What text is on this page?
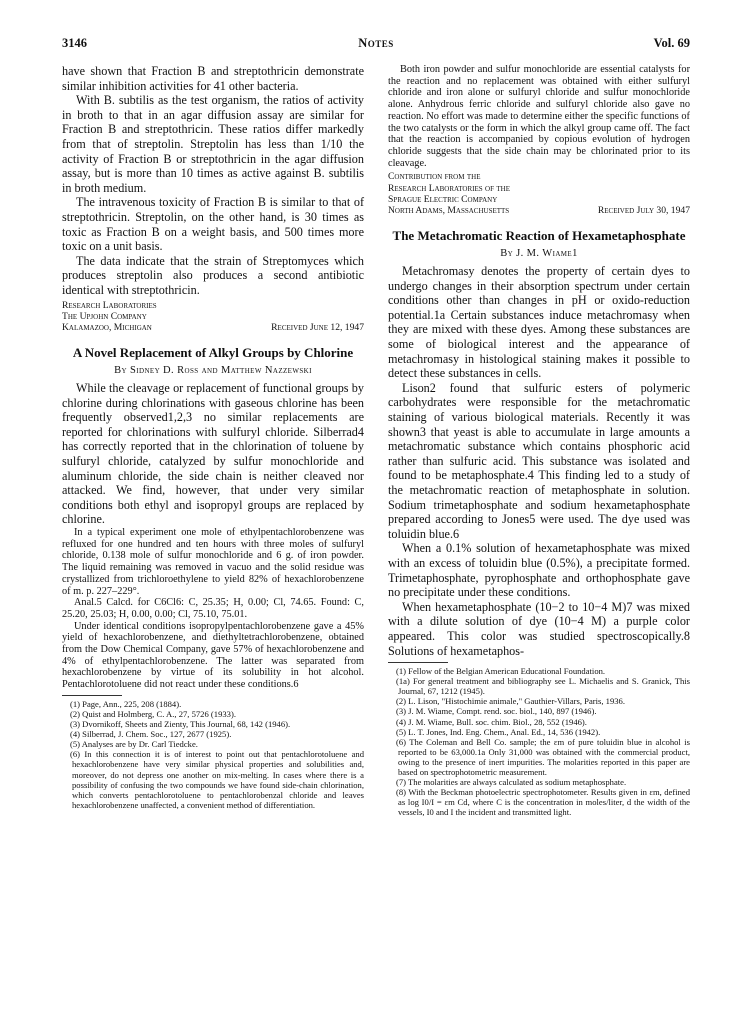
3146	Notes	Vol. 69

have shown that Fraction B and streptothricin demonstrate similar inhibition activities for 41 other bacteria.

With B. subtilis as the test organism, the ratios of activity in broth to that in an agar diffusion assay are similar for Fraction B and streptothricin. These ratios differ markedly from that of streptolin. Streptolin has less than 1/10 the activity of Fraction B or streptothricin in the agar diffusion assay, but is more than 10 times as active against B. subtilis in broth medium.

The intravenous toxicity of Fraction B is similar to that of streptothricin. Streptolin, on the other hand, is 30 times as toxic as Fraction B on a weight basis, and 500 times more toxic on a unit basis.

The data indicate that the strain of Streptomyces which produces streptolin also produces a second antibiotic identical with streptothricin.

Research Laboratories
The Upjohn Company
Kalamazoo, Michigan	Received June 12, 1947
A Novel Replacement of Alkyl Groups by Chlorine
By Sidney D. Ross and Matthew Nazzewski

While the cleavage or replacement of functional groups by chlorine during chlorinations with gaseous chlorine has been frequently observed1,2,3 no similar replacements are reported for chlorinations with sulfuryl chloride. Silberrad4 has correctly reported that in the chlorination of toluene by sulfuryl chloride, catalyzed by sulfur monochloride and aluminum chloride, the side chain is neither cleaved nor attacked. We find, however, that under very similar conditions both ethyl and isopropyl groups are replaced by chlorine.

In a typical experiment one mole of ethylpentachlorobenzene was refluxed for one hundred and ten hours with three moles of sulfuryl chloride, 0.138 mole of sulfur monochloride and 6 g. of iron powder. The liquid remaining was removed in vacuo and the solid residue was crystallized from trichloroethylene to yield 82% of hexachlorobenzene of m. p. 227–229°.

Anal.5 Calcd. for C6Cl6: C, 25.35; H, 0.00; Cl, 74.65. Found: C, 25.20, 25.03; H, 0.00, 0.00; Cl, 75.10, 75.01.

Under identical conditions isopropylpentachlorobenzene gave a 45% yield of hexachlorobenzene, and diethyltetrachlorobenzene, obtained from the Dow Chemical Company, gave 57% of hexachlorobenzene and 4% of ethylpentachlorobenzene. The latter was separated from hexachlorobenzene by virtue of its solubility in hot alcohol. Pentachlorotoluene did not react under these conditions.6

(1) Page, Ann., 225, 208 (1884).

(2) Quist and Holmberg, C. A., 27, 5726 (1933).

(3) Dvornikoff, Sheets and Zienty, This Journal, 68, 142 (1946).

(4) Silberrad, J. Chem. Soc., 127, 2677 (1925).

(5) Analyses are by Dr. Carl Tiedcke.

(6) In this connection it is of interest to point out that pentachlorotoluene and hexachlorobenzene have very similar physical properties and solubilities and, moreover, do not depress one another on mix-melting. In cases where there is a possibility of confusing the two compounds we have found side-chain chlorination, which converts pentachlorotoluene to pentachlorobenzal chloride and leaves hexachlorobenzene unaffected, a convenient method of differentiation.

Both iron powder and sulfur monochloride are essential catalysts for the reaction and no replacement was obtained with either sulfuryl chloride and iron alone or sulfuryl chloride and sulfur monochloride alone. Anhydrous ferric chloride and sulfuryl chloride also gave no reaction. No effort was made to determine either the specific functions of the two catalysts or the form in which the alkyl group came off. The fact that the reaction is accompanied by copious evolution of hydrogen chloride suggests that the side chain may be chlorinated prior to its cleavage.

Contribution from the
Research Laboratories of the
Sprague Electric Company
North Adams, Massachusetts	Received July 30, 1947
The Metachromatic Reaction of Hexametaphosphate
By J. M. Wiame1

Metachromasy denotes the property of certain dyes to undergo changes in their absorption spectrum under certain conditions other than changes in pH or oxido-reduction potential.1a Certain substances induce metachromasy when they are mixed with these dyes. Among these substances are some of biological interest and the appearance of metachromasy in histological staining makes it possible to detect these substances in cells.

Lison2 found that sulfuric esters of polymeric carbohydrates were responsible for the metachromatic staining of various biological materials. Recently it was shown3 that yeast is able to accumulate in large amounts a metachromatic substance which contains phosphoric acid rather than sulfuric acid. This substance was isolated and found to be metaphosphate.4 This finding led to a study of the metachromatic reaction of metaphosphate in solution. Sodium trimetaphosphate and sodium hexametaphosphate prepared according to Jones5 were used. The dye used was toluidin blue.6

When a 0.1% solution of hexametaphosphate was mixed with an excess of toluidin blue (0.5%), a precipitate formed. Trimetaphosphate, pyrophosphate and orthophosphate gave no precipitate under these conditions.

When hexametaphosphate (10−2 to 10−4 M)7 was mixed with a dilute solution of dye (10−4 M) a purple color appeared. This color was studied spectroscopically.8 Solutions of hexametaphos-

(1) Fellow of the Belgian American Educational Foundation.

(1a) For general treatment and bibliography see L. Michaelis and S. Granick, This Journal, 67, 1212 (1945).

(2) L. Lison, "Histochimie animale," Gauthier-Villars, Paris, 1936.

(3) J. M. Wiame, Compt. rend. soc. biol., 140, 897 (1946).

(4) J. M. Wiame, Bull. soc. chim. Biol., 28, 552 (1946).

(5) L. T. Jones, Ind. Eng. Chem., Anal. Ed., 14, 536 (1942).

(6) The Coleman and Bell Co. sample; the εm of pure toluidin blue in alcohol is reported to be 63,000.1a Only 31,000 was obtained with the commercial product, owing to the presence of inert impurities. The molarities reported in this paper are based on spectrophotometric measurement.

(7) The molarities are always calculated as sodium metaphosphate.

(8) With the Beckman photoelectric spectrophotometer. Results given in εm, defined as log I0/I = εm Cd, where C is the concentration in moles/liter, d the width of the vessels, I0 and I the incident and transmitted light.
